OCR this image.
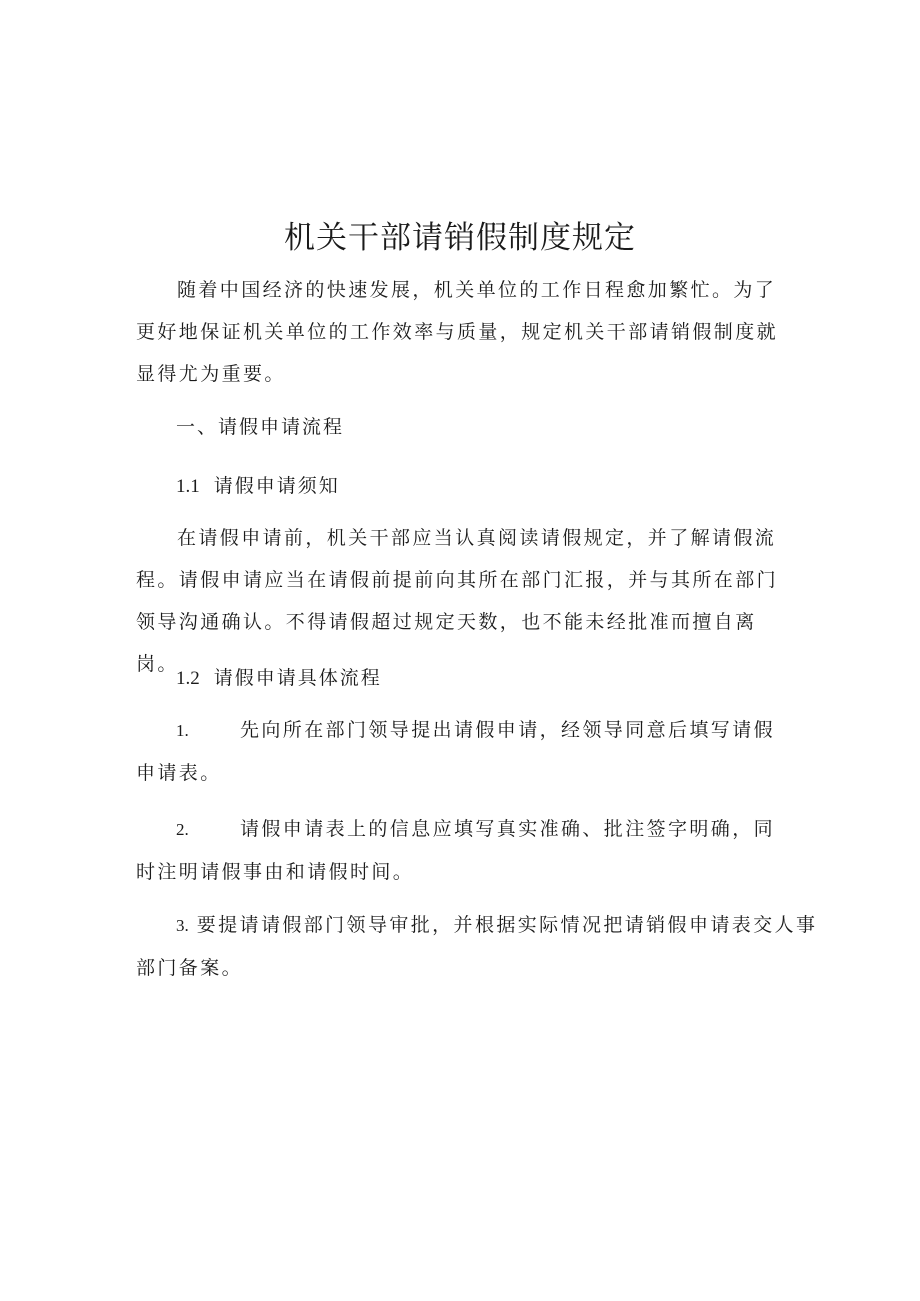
机关干部请销假制度规定

随着中国经济的快速发展，机关单位的工作日程愈加繁忙。为了更好地保证机关单位的工作效率与质量，规定机关干部请销假制度就显得尤为重要。

一、请假申请流程
1.1 请假申请须知

在请假申请前，机关干部应当认真阅读请假规定，并了解请假流程。请假申请应当在请假前提前向其所在部门汇报，并与其所在部门领导沟通确认。不得请假超过规定天数，也不能未经批准而擅自离岗。

1.2 请假申请具体流程
1.	先向所在部门领导提出请假申请，经领导同意后填写请假
申请表。
2.	请假申请表上的信息应填写真实准确、批注签字明确，同
时注明请假事由和请假时间。
3. 要提请请假部门领导审批，并根据实际情况把请销假申请表交人事
部门备案。
